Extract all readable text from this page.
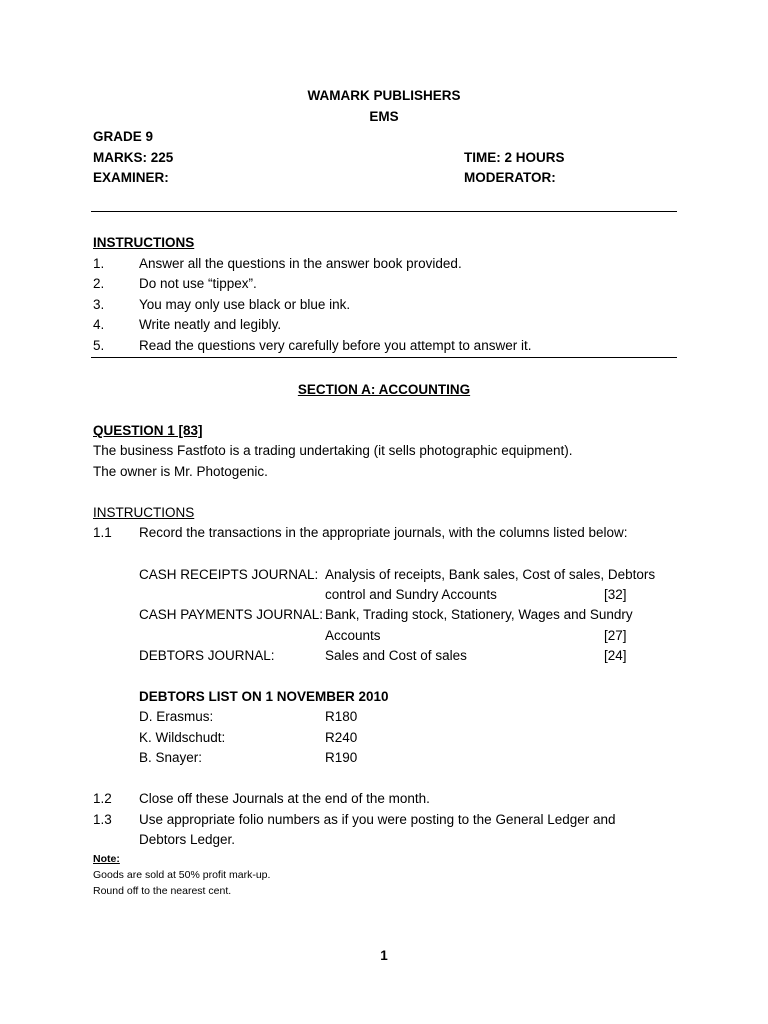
WAMARK PUBLISHERS
EMS
GRADE 9
MARKS: 225	TIME: 2 HOURS
EXAMINER:	MODERATOR:
INSTRUCTIONS
1.	Answer all the questions in the answer book provided.
2.	Do not use “tippex”.
3.	You may only use black or blue ink.
4.	Write neatly and legibly.
5.	Read the questions very carefully before you attempt to answer it.
SECTION A: ACCOUNTING
QUESTION 1 [83]
The business Fastfoto is a trading undertaking (it sells photographic equipment).
The owner is Mr. Photogenic.
INSTRUCTIONS
1.1 Record the transactions in the appropriate journals, with the columns listed below:
CASH RECEIPTS JOURNAL: Analysis of receipts, Bank sales, Cost of sales, Debtors
control and Sundry Accounts	[32]
CASH PAYMENTS JOURNAL: Bank, Trading stock, Stationery, Wages and Sundry
Accounts	[27]
DEBTORS JOURNAL:	Sales and Cost of sales	[24]
DEBTORS LIST ON 1 NOVEMBER 2010
D. Erasmus:	R180
K. Wildschudt:	R240
B. Snayer:	R190
1.2 Close off these Journals at the end of the month.
1.3 Use appropriate folio numbers as if you were posting to the General Ledger and
Debtors Ledger.
Note:
Goods are sold at 50% profit mark-up.
Round off to the nearest cent.
1
